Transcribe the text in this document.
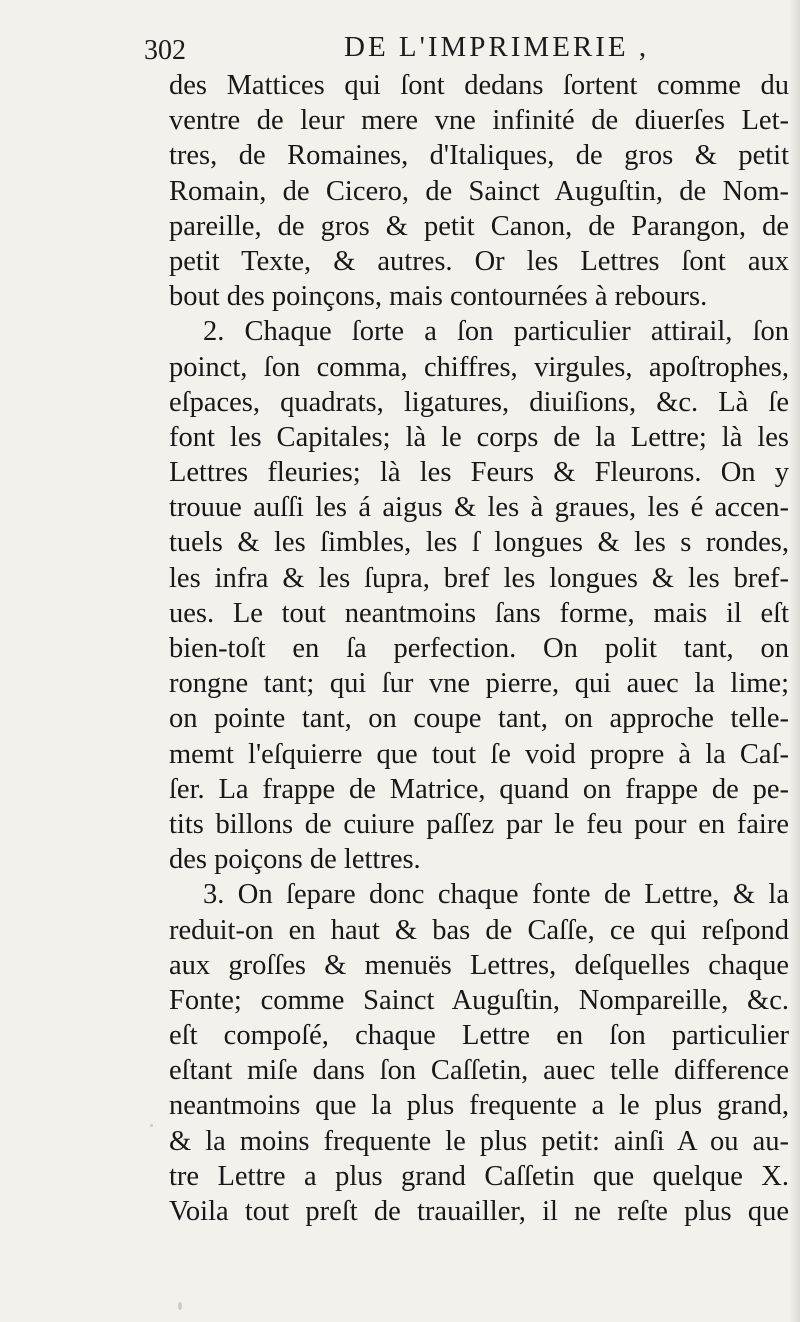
302	DE L'IMPRIMERIE ,
des Mattices qui ſont dedans ſortent comme du
ventre de leur mere vne infinité de diuerſes Let-
tres, de Romaines, d'Italiques, de gros & petit
Romain, de Cicero, de Sainct Auguſtin, de Nom-
pareille, de gros & petit Canon, de Parangon, de
petit Texte, & autres. Or les Lettres ſont aux
bout des poinçons, mais contournées à rebours.
2. Chaque ſorte a ſon particulier attirail, ſon
poinct, ſon comma, chiffres, virgules, apoſtrophes,
eſpaces, quadrats, ligatures, diuiſions, &c. Là ſe
font les Capitales; là le corps de la Lettre; là les
Lettres fleuries; là les Feurs & Fleurons. On y
trouue auſſi les á aigus & les à graues, les é accen-
tuels & les ſimbles, les ſ longues & les s rondes,
les infra & les ſupra, bref les longues & les bref-
ues. Le tout neantmoins ſans forme, mais il eſt
bien-toſt en ſa perfection. On polit tant, on
rongne tant; qui ſur vne pierre, qui auec la lime;
on pointe tant, on coupe tant, on approche telle-
memt l'eſquierre que tout ſe void propre à la Caſ-
ſer. La frappe de Matrice, quand on frappe de pe-
tits billons de cuiure paſſez par le feu pour en faire
des poiçons de lettres.
3. On ſepare donc chaque fonte de Lettre, & la
reduit-on en haut & bas de Caſſe, ce qui reſpond
aux groſſes & menuës Lettres, deſquelles chaque
Fonte; comme Sainct Auguſtin, Nompareille, &c.
eſt compoſé, chaque Lettre en ſon particulier
eſtant miſe dans ſon Caſſetin, auec telle difference
neantmoins que la plus frequente a le plus grand,
& la moins frequente le plus petit: ainſi A ou au-
tre Lettre a plus grand Caſſetin que quelque X.
Voila tout preſt de trauailler, il ne reſte plus que
